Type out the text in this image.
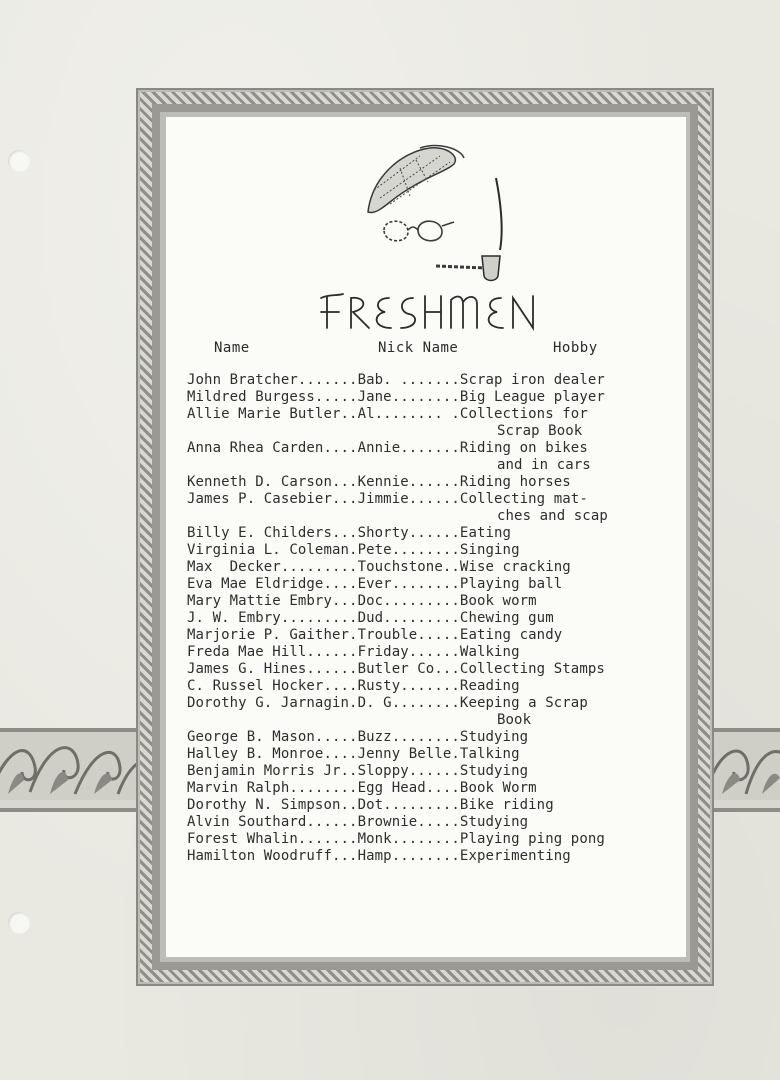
Name	Nick Name	Hobby
John Bratcher.......Bab. .......Scrap iron dealer
Mildred Burgess.....Jane........Big League player
Allie Marie Butler..Al........ .Collections for
Scrap Book
Anna Rhea Carden....Annie.......Riding on bikes
and in cars
Kenneth D. Carson...Kennie......Riding horses
James P. Casebier...Jimmie......Collecting mat-
ches and scap
Billy E. Childers...Shorty......Eating
Virginia L. Coleman.Pete........Singing
Max  Decker.........Touchstone..Wise cracking
Eva Mae Eldridge....Ever........Playing ball
Mary Mattie Embry...Doc.........Book worm
J. W. Embry.........Dud.........Chewing gum
Marjorie P. Gaither.Trouble.....Eating candy
Freda Mae Hill......Friday......Walking
James G. Hines......Butler Co...Collecting Stamps
C. Russel Hocker....Rusty.......Reading
Dorothy G. Jarnagin.D. G........Keeping a Scrap
Book
George B. Mason.....Buzz........Studying
Halley B. Monroe....Jenny Belle.Talking
Benjamin Morris Jr..Sloppy......Studying
Marvin Ralph........Egg Head....Book Worm
Dorothy N. Simpson..Dot.........Bike riding
Alvin Southard......Brownie.....Studying
Forest Whalin.......Monk........Playing ping pong
Hamilton Woodruff...Hamp........Experimenting
